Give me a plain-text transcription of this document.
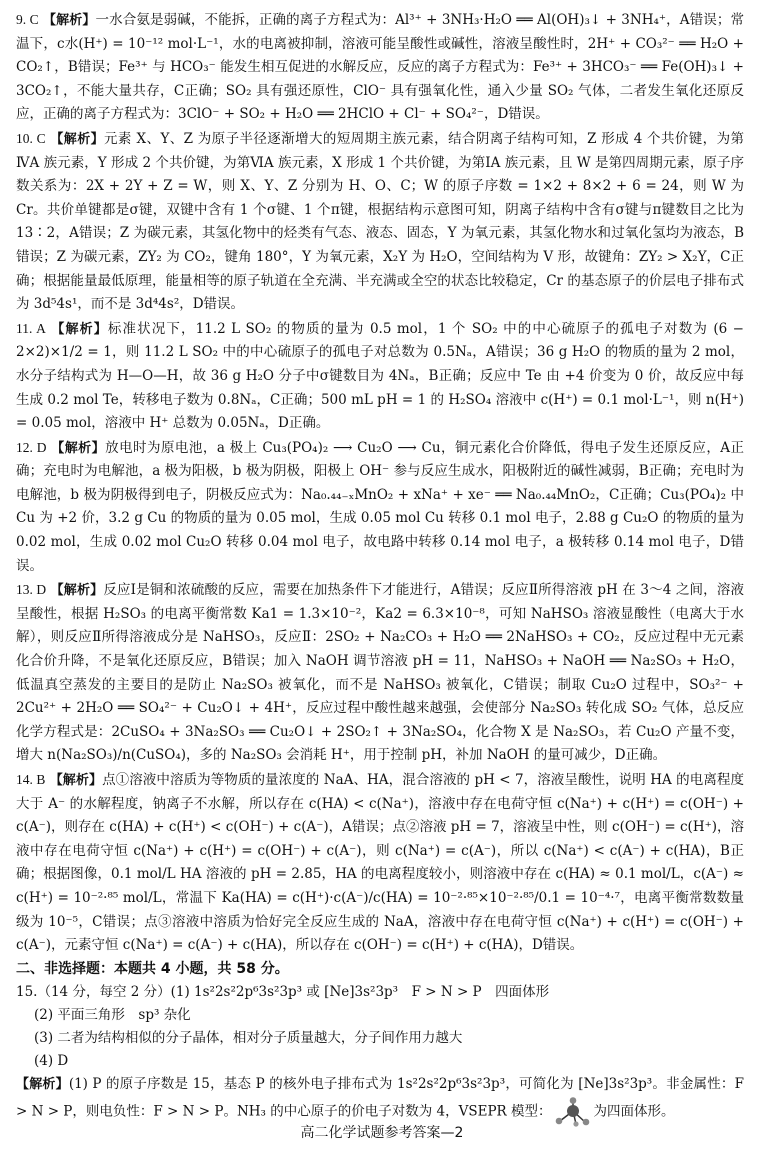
9. C 【解析】一水合氨是弱碱，不能拆，正确的离子方程式为：Al³⁺ + 3NH₃·H₂O ══ Al(OH)₃↓ + 3NH₄⁺，A错误；常温下，c水(H⁺) = 10⁻¹² mol·L⁻¹，水的电离被抑制，溶液可能呈酸性或碱性，溶液呈酸性时，2H⁺ + CO₃²⁻ ══ H₂O + CO₂↑，B错误；Fe³⁺ 与 HCO₃⁻ 能发生相互促进的水解反应，反应的离子方程式为：Fe³⁺ + 3HCO₃⁻ ══ Fe(OH)₃↓ + 3CO₂↑，不能大量共存，C正确；SO₂ 具有强还原性，ClO⁻ 具有强氧化性，通入少量 SO₂ 气体，二者发生氧化还原反应，正确的离子方程式为：3ClO⁻ + SO₂ + H₂O ══ 2HClO + Cl⁻ + SO₄²⁻，D错误。

10. C 【解析】元素 X、Y、Z 为原子半径逐渐增大的短周期主族元素，结合阴离子结构可知，Z 形成 4 个共价键，为第ⅣA 族元素，Y 形成 2 个共价键，为第ⅥA 族元素，X 形成 1 个共价键，为第ⅠA 族元素，且 W 是第四周期元素，原子序数关系为：2X + 2Y + Z = W，则 X、Y、Z 分别为 H、O、C；W 的原子序数 = 1×2 + 8×2 + 6 = 24，则 W 为 Cr。共价单键都是σ键，双键中含有 1 个σ键、1 个π键，根据结构示意图可知，阴离子结构中含有σ键与π键数目之比为 13∶2，A错误；Z 为碳元素，其氢化物中的烃类有气态、液态、固态，Y 为氧元素，其氢化物水和过氧化氢均为液态，B错误；Z 为碳元素，ZY₂ 为 CO₂，键角 180°，Y 为氧元素，X₂Y 为 H₂O，空间结构为 V 形，故键角：ZY₂ > X₂Y，C正确；根据能量最低原理，能量相等的原子轨道在全充满、半充满或全空的状态比较稳定，Cr 的基态原子的价层电子排布式为 3d⁵4s¹，而不是 3d⁴4s²，D错误。

11. A 【解析】标准状况下，11.2 L SO₂ 的物质的量为 0.5 mol，1 个 SO₂ 中的中心硫原子的孤电子对数为 (6 − 2×2)×1/2 = 1，则 11.2 L SO₂ 中的中心硫原子的孤电子对总数为 0.5Nₐ，A错误；36 g H₂O 的物质的量为 2 mol，水分子结构式为 H—O—H，故 36 g H₂O 分子中σ键数目为 4Nₐ，B正确；反应中 Te 由 +4 价变为 0 价，故反应中每生成 0.2 mol Te，转移电子数为 0.8Nₐ，C正确；500 mL pH = 1 的 H₂SO₄ 溶液中 c(H⁺) = 0.1 mol·L⁻¹，则 n(H⁺) = 0.05 mol，溶液中 H⁺ 总数为 0.05Nₐ，D正确。

12. D 【解析】放电时为原电池，a 极上 Cu₃(PO₄)₂ ⟶ Cu₂O ⟶ Cu，铜元素化合价降低，得电子发生还原反应，A正确；充电时为电解池，a 极为阳极，b 极为阴极，阳极上 OH⁻ 参与反应生成水，阳极附近的碱性减弱，B正确；充电时为电解池，b 极为阴极得到电子，阴极反应式为：Na₀.₄₄₋ₓMnO₂ + xNa⁺ + xe⁻ ══ Na₀.₄₄MnO₂，C正确；Cu₃(PO₄)₂ 中 Cu 为 +2 价，3.2 g Cu 的物质的量为 0.05 mol，生成 0.05 mol Cu 转移 0.1 mol 电子，2.88 g Cu₂O 的物质的量为 0.02 mol，生成 0.02 mol Cu₂O 转移 0.04 mol 电子，故电路中转移 0.14 mol 电子，a 极转移 0.14 mol 电子，D错误。

13. D 【解析】反应Ⅰ是铜和浓硫酸的反应，需要在加热条件下才能进行，A错误；反应Ⅱ所得溶液 pH 在 3～4 之间，溶液呈酸性，根据 H₂SO₃ 的电离平衡常数 Ka1 = 1.3×10⁻²，Ka2 = 6.3×10⁻⁸，可知 NaHSO₃ 溶液显酸性（电离大于水解），则反应Ⅱ所得溶液成分是 NaHSO₃，反应Ⅱ：2SO₂ + Na₂CO₃ + H₂O ══ 2NaHSO₃ + CO₂，反应过程中无元素化合价升降，不是氧化还原反应，B错误；加入 NaOH 调节溶液 pH = 11，NaHSO₃ + NaOH ══ Na₂SO₃ + H₂O，低温真空蒸发的主要目的是防止 Na₂SO₃ 被氧化，而不是 NaHSO₃ 被氧化，C错误；制取 Cu₂O 过程中，SO₃²⁻ + 2Cu²⁺ + 2H₂O ══ SO₄²⁻ + Cu₂O↓ + 4H⁺，反应过程中酸性越来越强，会使部分 Na₂SO₃ 转化成 SO₂ 气体，总反应化学方程式是：2CuSO₄ + 3Na₂SO₃ ══ Cu₂O↓ + 2SO₂↑ + 3Na₂SO₄，化合物 X 是 Na₂SO₃，若 Cu₂O 产量不变，增大 n(Na₂SO₃)/n(CuSO₄)，多的 Na₂SO₃ 会消耗 H⁺，用于控制 pH，补加 NaOH 的量可减少，D正确。

14. B 【解析】点①溶液中溶质为等物质的量浓度的 NaA、HA，混合溶液的 pH < 7，溶液呈酸性，说明 HA 的电离程度大于 A⁻ 的水解程度，钠离子不水解，所以存在 c(HA) < c(Na⁺)，溶液中存在电荷守恒 c(Na⁺) + c(H⁺) = c(OH⁻) + c(A⁻)，则存在 c(HA) + c(H⁺) < c(OH⁻) + c(A⁻)，A错误；点②溶液 pH = 7，溶液呈中性，则 c(OH⁻) = c(H⁺)，溶液中存在电荷守恒 c(Na⁺) + c(H⁺) = c(OH⁻) + c(A⁻)，则 c(Na⁺) = c(A⁻)，所以 c(Na⁺) < c(A⁻) + c(HA)，B正确；根据图像，0.1 mol/L HA 溶液的 pH = 2.85，HA 的电离程度较小，则溶液中存在 c(HA) ≈ 0.1 mol/L，c(A⁻) ≈ c(H⁺) = 10⁻²·⁸⁵ mol/L，常温下 Ka(HA) = c(H⁺)·c(A⁻)/c(HA) = 10⁻²·⁸⁵×10⁻²·⁸⁵/0.1 = 10⁻⁴·⁷，电离平衡常数数量级为 10⁻⁵，C错误；点③溶液中溶质为恰好完全反应生成的 NaA，溶液中存在电荷守恒 c(Na⁺) + c(H⁺) = c(OH⁻) + c(A⁻)，元素守恒 c(Na⁺) = c(A⁻) + c(HA)，所以存在 c(OH⁻) = c(H⁺) + c(HA)，D错误。

二、非选择题：本题共 4 小题，共 58 分。

15.（14 分，每空 2 分）(1) 1s²2s²2p⁶3s²3p³ 或 [Ne]3s²3p³　F > N > P　四面体形

(2) 平面三角形　sp³ 杂化

(3) 二者为结构相似的分子晶体，相对分子质量越大，分子间作用力越大

(4) D

【解析】(1) P 的原子序数是 15，基态 P 的核外电子排布式为 1s²2s²2p⁶3s²3p³，可简化为 [Ne]3s²3p³。非金属性：F > N > P，则电负性：F > N > P。NH₃ 的中心原子的价电子对数为 4，VSEPR 模型：	为四面体形。

高二化学试题参考答案—2
